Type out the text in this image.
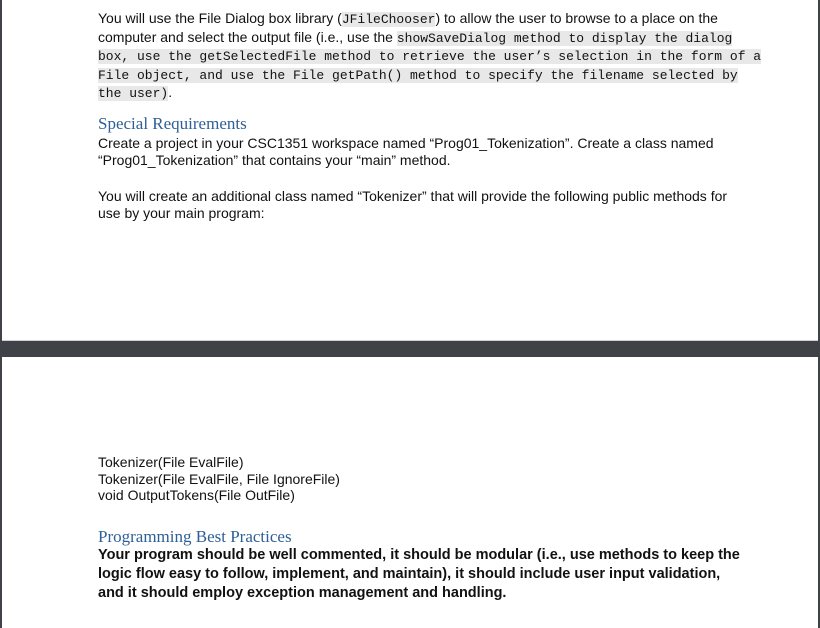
You will use the File Dialog box library (JFileChooser) to allow the user to browse to a place on the
computer and select the output file (i.e., use the showSaveDialog method to display the dialog
box, use the getSelectedFile method to retrieve the user’s selection in the form of a
File object, and use the File getPath() method to specify the filename selected by
the user).
Special Requirements
Create a project in your CSC1351 workspace named “Prog01_Tokenization”. Create a class named
“Prog01_Tokenization” that contains your “main” method.
You will create an additional class named “Tokenizer” that will provide the following public methods for
use by your main program:
Tokenizer(File EvalFile)
Tokenizer(File EvalFile, File IgnoreFile)
void OutputTokens(File OutFile)
Programming Best Practices
Your program should be well commented, it should be modular (i.e., use methods to keep the
logic flow easy to follow, implement, and maintain), it should include user input validation,
and it should employ exception management and handling.
